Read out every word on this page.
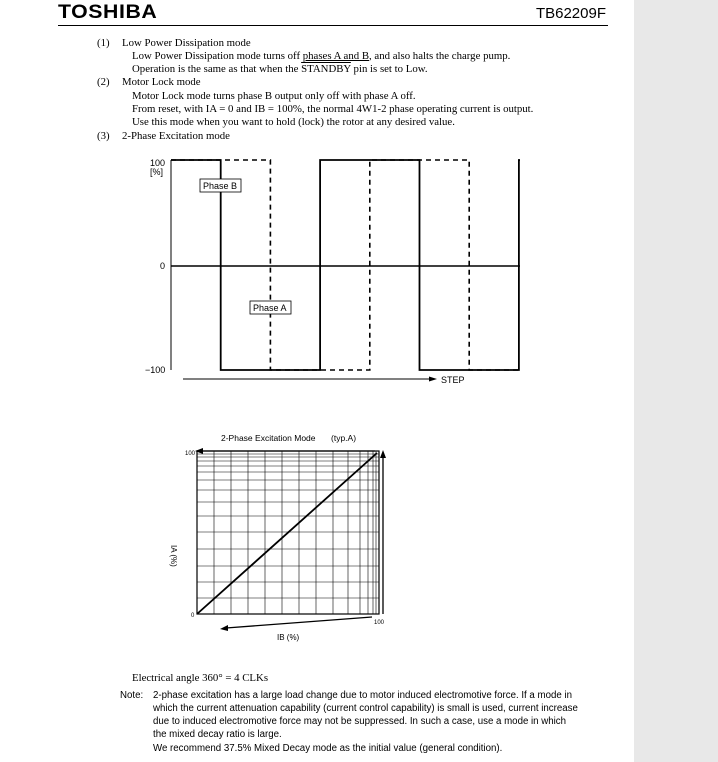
TOSHIBA	TB62209F
(1) Low Power Dissipation mode
Low Power Dissipation mode turns off phases A and B, and also halts the charge pump.
Operation is the same as that when the STANDBY pin is set to Low.
(2) Motor Lock mode
Motor Lock mode turns phase B output only off with phase A off.
From reset, with IA = 0 and IB = 100%, the normal 4W1-2 phase operating current is output.
Use this mode when you want to hold (lock) the rotor at any desired value.
(3) 2-Phase Excitation mode
100
[%]
0
−100
STEP
Phase B
Phase A
2-Phase Excitation Mode (typ.A)
100
0
100
IB (%)
IA (%)
Electrical angle 360° = 4 CLKs
Note: 2-phase excitation has a large load change due to motor induced electromotive force. If a mode in
which the current attenuation capability (current control capability) is small is used, current increase
due to induced electromotive force may not be suppressed. In such a case, use a mode in which
the mixed decay ratio is large.
We recommend 37.5% Mixed Decay mode as the initial value (general condition).
